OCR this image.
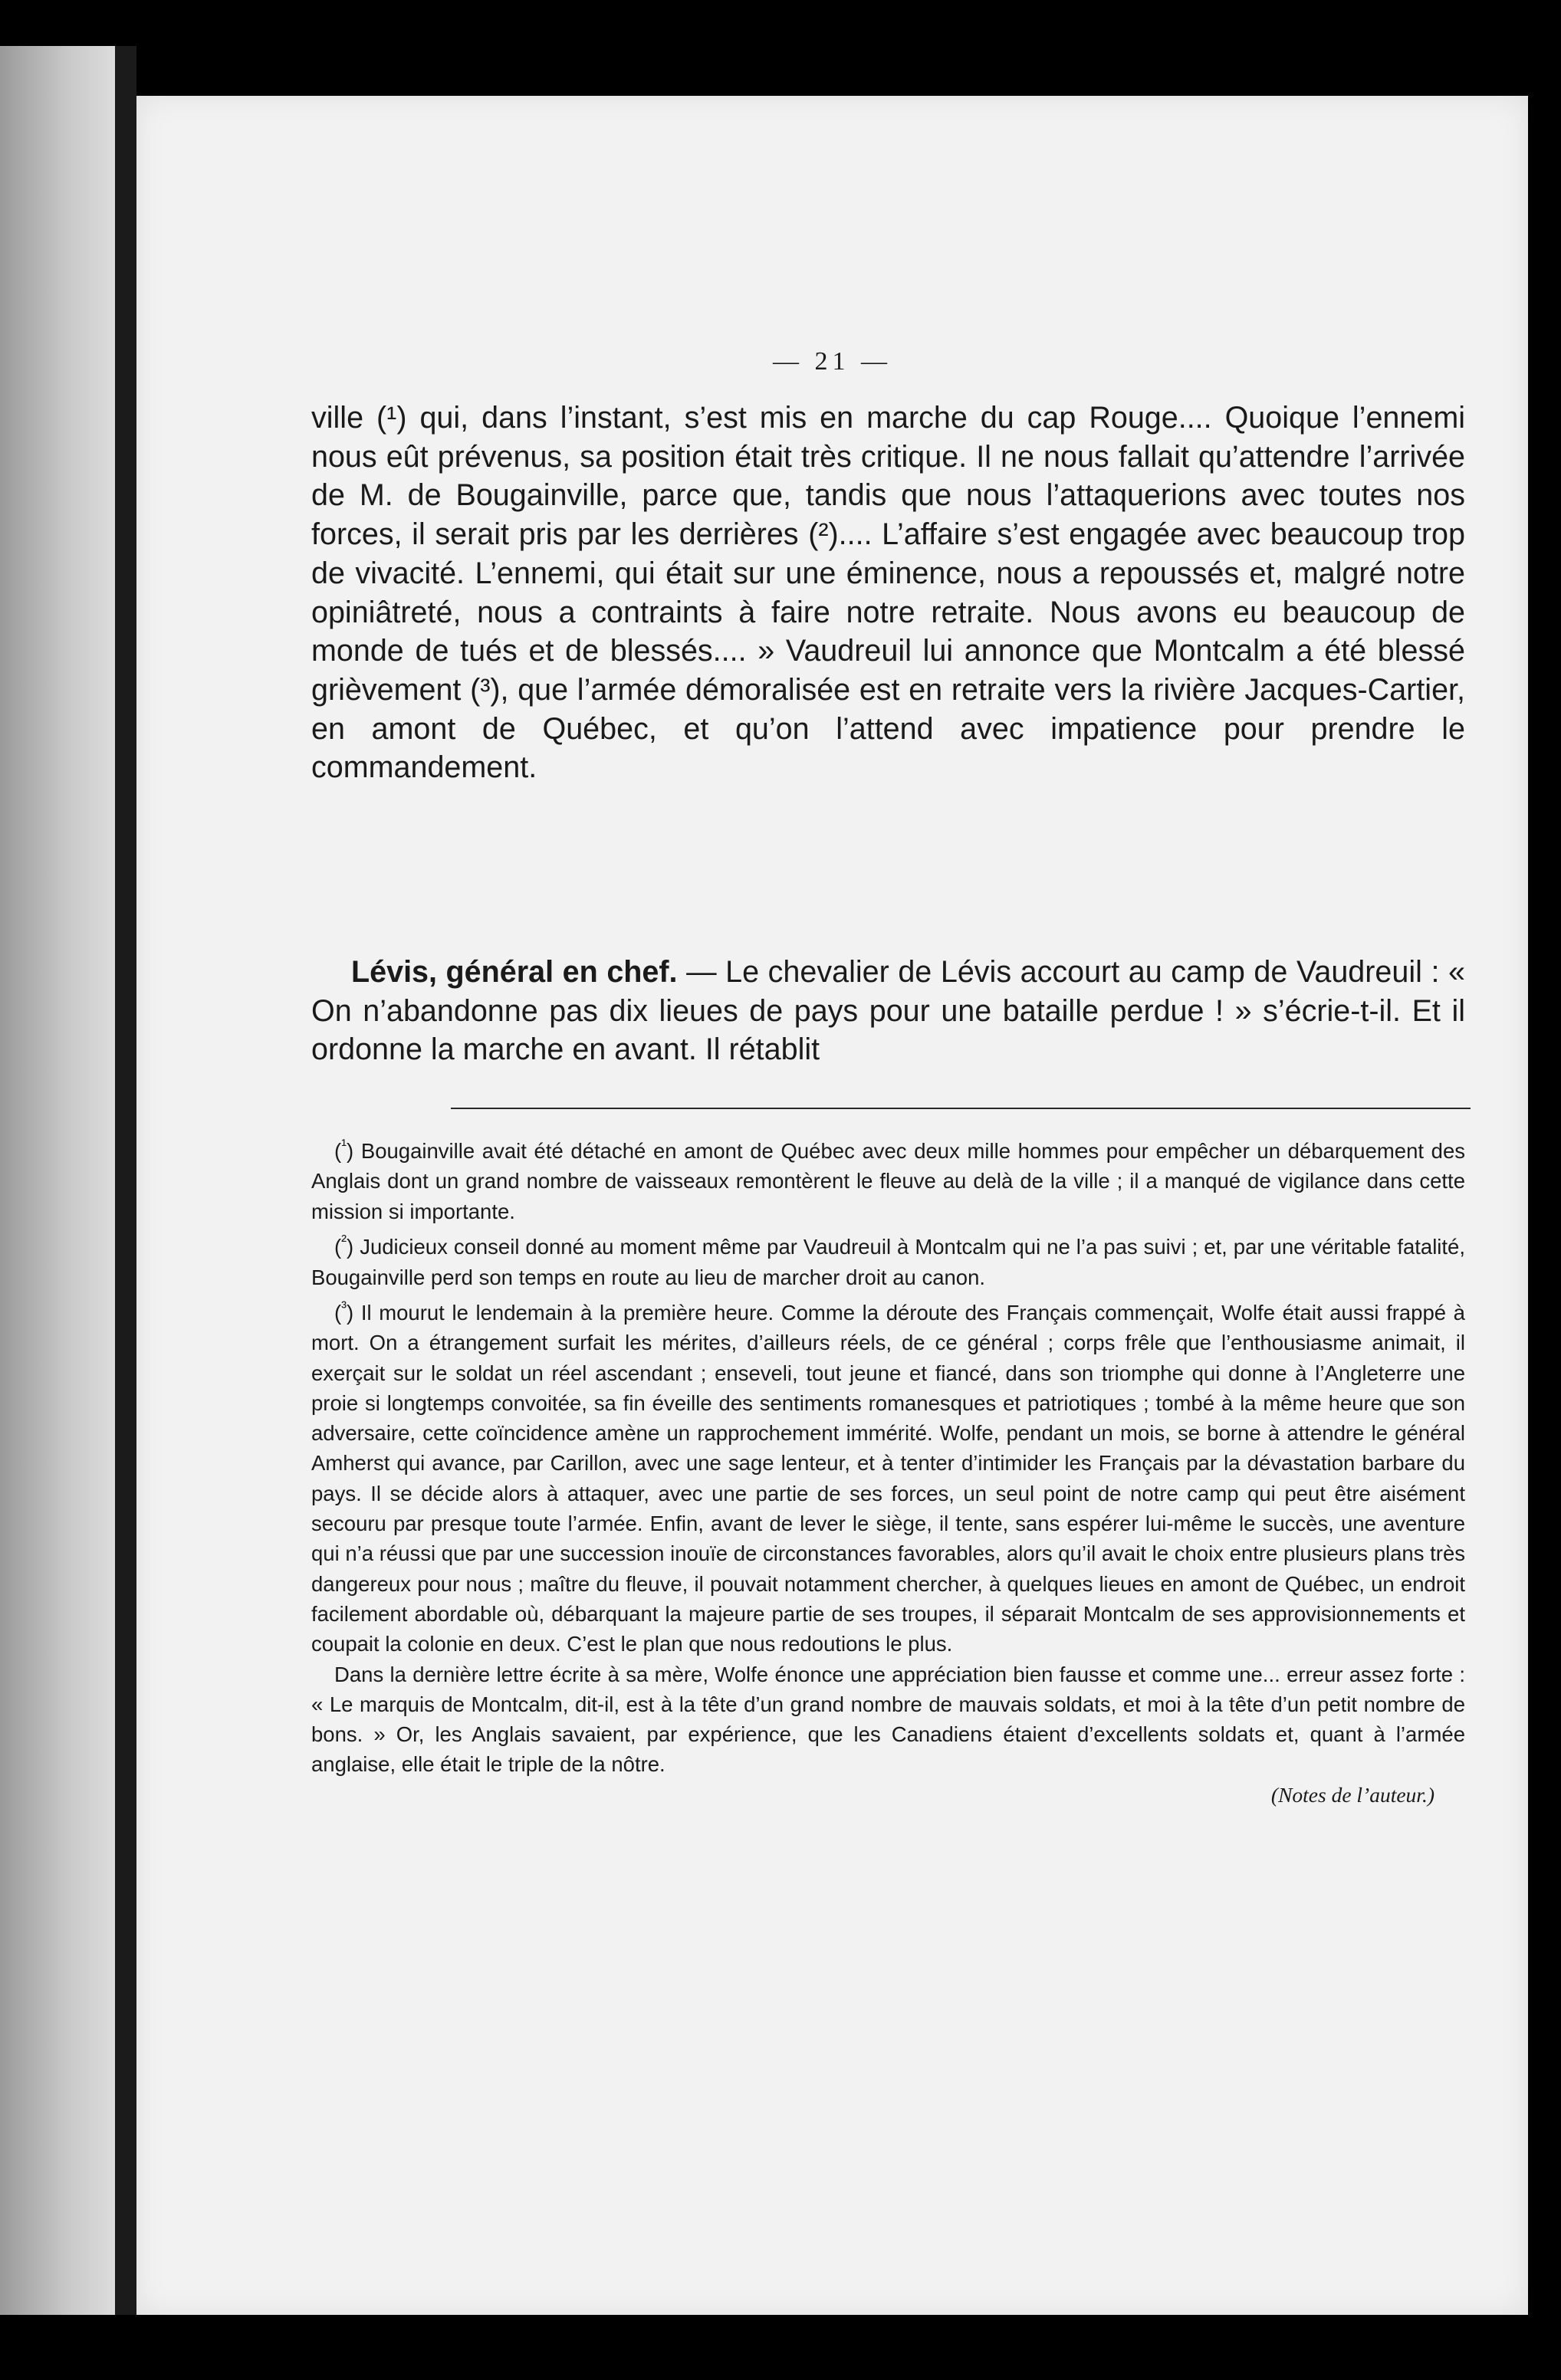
— 21 —

ville (¹) qui, dans l’instant, s’est mis en marche du cap Rouge.... Quoique l’ennemi nous eût prévenus, sa position était très critique. Il ne nous fallait qu’attendre l’arrivée de M. de Bougainville, parce que, tandis que nous l’attaquerions avec toutes nos forces, il serait pris par les derrières (²).... L’affaire s’est engagée avec beaucoup trop de vivacité. L’ennemi, qui était sur une éminence, nous a repoussés et, malgré notre opiniâtreté, nous a contraints à faire notre retraite. Nous avons eu beaucoup de monde de tués et de blessés.... » Vaudreuil lui annonce que Montcalm a été blessé grièvement (³), que l’armée démoralisée est en retraite vers la rivière Jacques-Cartier, en amont de Québec, et qu’on l’attend avec impatience pour prendre le commandement.

Lévis, général en chef. — Le chevalier de Lévis accourt au camp de Vaudreuil : « On n’abandonne pas dix lieues de pays pour une bataille perdue ! » s’écrie-t-il. Et il ordonne la marche en avant. Il rétablit

($^{^1}$) Bougainville avait été détaché en amont de Québec avec deux mille hommes pour empêcher un débarquement des Anglais dont un grand nombre de vaisseaux remontèrent le fleuve au delà de la ville ; il a manqué de vigilance dans cette mission si importante.

($^{^2}$) Judicieux conseil donné au moment même par Vaudreuil à Montcalm qui ne l’a pas suivi ; et, par une véritable fatalité, Bougainville perd son temps en route au lieu de marcher droit au canon.

($^{^3}$) Il mourut le lendemain à la première heure. Comme la déroute des Français commençait, Wolfe était aussi frappé à mort. On a étrangement surfait les mérites, d’ailleurs réels, de ce général ; corps frêle que l’enthousiasme animait, il exerçait sur le soldat un réel ascendant ; enseveli, tout jeune et fiancé, dans son triomphe qui donne à l’Angleterre une proie si longtemps convoitée, sa fin éveille des sentiments romanesques et patriotiques ; tombé à la même heure que son adversaire, cette coïncidence amène un rapprochement immérité. Wolfe, pendant un mois, se borne à attendre le général Amherst qui avance, par Carillon, avec une sage lenteur, et à tenter d’intimider les Français par la dévastation barbare du pays. Il se décide alors à attaquer, avec une partie de ses forces, un seul point de notre camp qui peut être aisément secouru par presque toute l’armée. Enfin, avant de lever le siège, il tente, sans espérer lui-même le succès, une aventure qui n’a réussi que par une succession inouïe de circonstances favorables, alors qu’il avait le choix entre plusieurs plans très dangereux pour nous ; maître du fleuve, il pouvait notamment chercher, à quelques lieues en amont de Québec, un endroit facilement abordable où, débarquant la majeure partie de ses troupes, il séparait Montcalm de ses approvisionnements et coupait la colonie en deux. C’est le plan que nous redoutions le plus.

Dans la dernière lettre écrite à sa mère, Wolfe énonce une appréciation bien fausse et comme une... erreur assez forte : « Le marquis de Montcalm, dit-il, est à la tête d’un grand nombre de mauvais soldats, et moi à la tête d’un petit nombre de bons. » Or, les Anglais savaient, par expérience, que les Canadiens étaient d’excellents soldats et, quant à l’armée anglaise, elle était le triple de la nôtre.

(Notes de l’auteur.)
